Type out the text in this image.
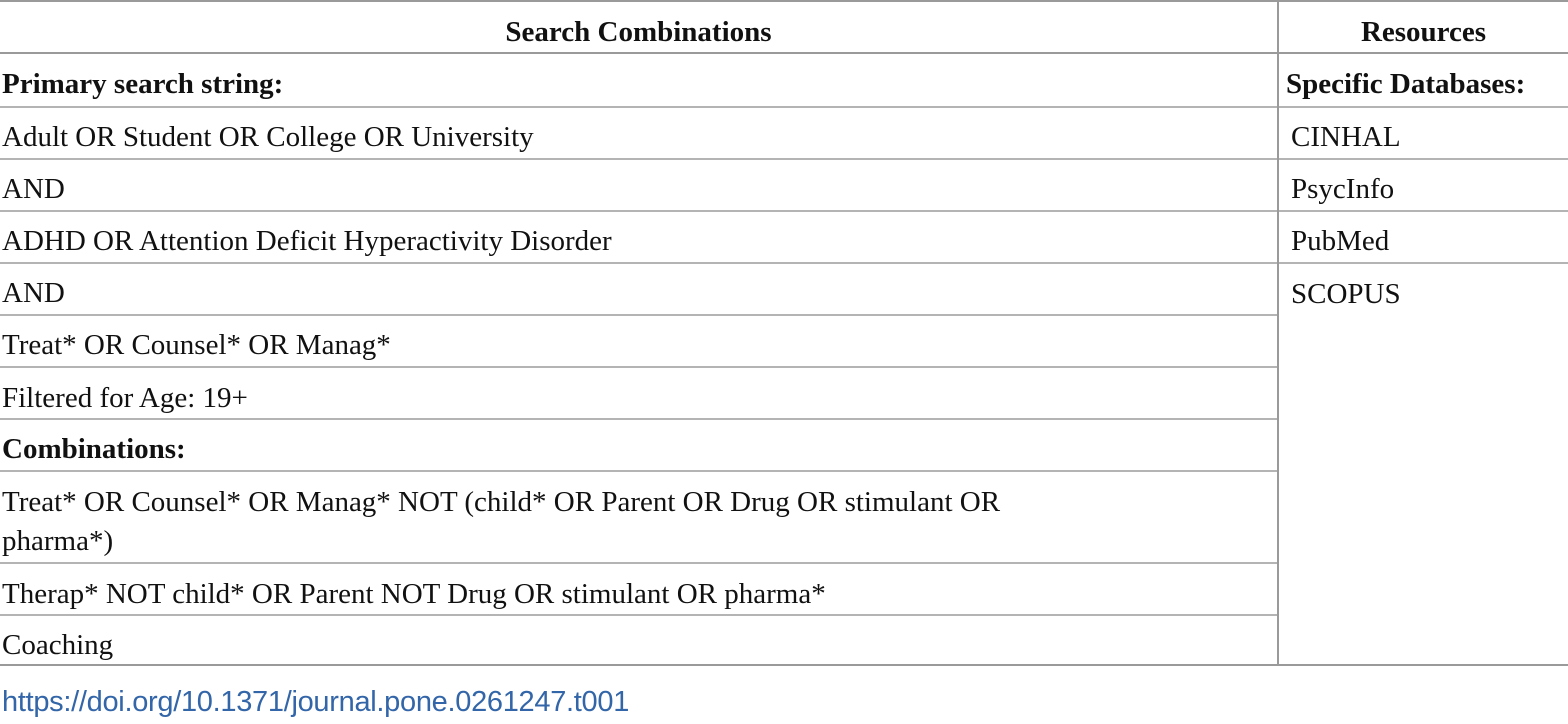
Search Combinations	Resources
Primary search string:
Adult OR Student OR College OR University
AND
ADHD OR Attention Deficit Hyperactivity Disorder
AND
Treat* OR Counsel* OR Manag*
Filtered for Age: 19+
Combinations:
Treat* OR Counsel* OR Manag* NOT (child* OR Parent OR Drug OR stimulant OR
pharma*)
Therap* NOT child* OR Parent NOT Drug OR stimulant OR pharma*
Coaching
Specific Databases:
CINHAL
PsycInfo
PubMed
SCOPUS
https://doi.org/10.1371/journal.pone.0261247.t001
